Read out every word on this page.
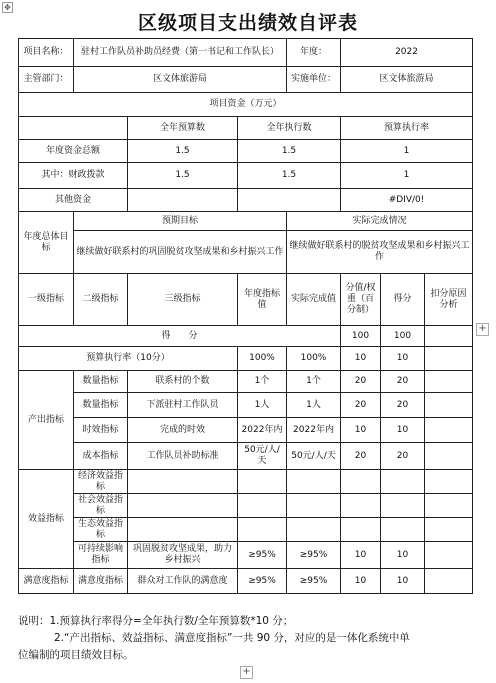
✥
区级项目支出绩效自评表
项目名称：	驻村工作队员补助员经费（第一书记和工作队长）			年度：	2022		
主管部门：	区文体旅游局			实施单位：	区文体旅游局		
项目资金（万元）							
		全年预算数	全年执行数		预算执行率		
年度资金总额		1.5	1.5		1		
其中：财政拨款		1.5	1.5		1		
其他资金					#DIV/0!		
年度总体目标	预期目标			实际完成情况			
	继续做好联系村的巩固脱贫攻坚成果和乡村振兴工作			继续做好联系村的脱贫攻坚成果和乡村振兴工作			
一级指标	二级指标	三级指标	年度指标值	实际完成值	分值/权重（百分制）	得分	扣分原因分析
得　　分					100	100	
预算执行率（10分）			100%	100%	10	10	
产出指标	数量指标	联系村的个数	1个	1个	20	20	
	数量指标	下派驻村工作队员	1人	1人	20	20	
	时效指标	完成的时效	2022年内	2022年内	10	10	
	成本指标	工作队员补助标准	50元/人/天	50元/人/天	20	20	
效益指标	经济效益指标						
	社会效益指标						
	生态效益指标						
	可持续影响指标	巩固脱贫攻坚成果，助力乡村振兴	≥95%	≥95%	10	10	
满意度指标	满意度指标	群众对工作队的满意度	≥95%	≥95%	10	10	
+
+

说明：1.预算执行率得分=全年执行数/全年预算数*10 分；

2.“产出指标、效益指标、满意度指标”一共 90 分，对应的是一体化系统中单

位编制的项目绩效目标。
